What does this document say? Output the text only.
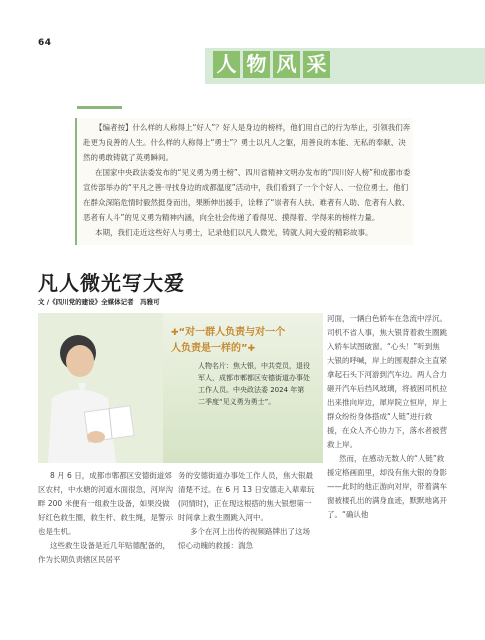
64
人 物 风 采

【编者按】什么样的人称得上“好人”？好人是身边的榜样，他们用自己的行为举止，引领我们奔赴更为良善的人生。什么样的人称得上“勇士”？勇士以凡人之躯，用善良的本能、无私的奉献、决然的勇敢铸就了英勇瞬间。

在国家中央政法委发布的“见义勇为勇士榜”、四川省精神文明办发布的“四川好人榜”和成都市委宣传部举办的“平凡之善·寻找身边的成都温度”活动中，我们看到了一个个好人、一位位勇士。他们在群众深陷危情时毅然挺身而出，果断伸出援手，诠释了“崇者有人扶、难者有人助、危者有人救、恶者有人斗”的见义勇为精神内涵，向全社会传递了看得见、摸得着、学得来的榜样力量。

本期，我们走近这些好人与勇士，记录他们以凡人微光，铸就人间大爱的精彩故事。

凡人微光写大爱
文 /《四川党的建设》全媒体记者　冯雅可
✚“对一群人负责与对一个
人负责是一样的”✚
人物名片：焦大银，中共党员，退役军人，成都市郫都区安德街道办事处工作人员。中央政法委 2024 年第二季度“见义勇为勇士”。

8 月 6 日，成都市郫都区安德街道郊区农村，中水塘的河道水面很急，河岸沟畔 200 米便有一组救生设备，如果没做好红色救生圈，救生杆、救生绳，是警示也是生机。

这些救生设备是近几年贴德配备的，作为长期负责辖区民居平

务的安德街道办事处工作人员，焦大银最清楚不过。在 6 月 13 日安德走入辈辈玩(同情时)，正在现这根搭的焦大银想第一时间拿上救生圈跳入河中。

多个在河上出传的视频路牌出了这场惊心动魄的救援：湍急

河面，一辆白色轿车在急流中浮沉。司机不省人事，焦大银背着救生圈跳入轿车试图破窗。“心头！”听到焦大银的呼喊，岸上的围观群众主直紧拿起石头下河游到汽车边。两人合力砸开汽车后挡风玻璃，将被困司机拉出来推向岸边，犀岸院立恒岸，岸上群众纷纷身体搭成“人链”进行救援，在众人齐心协力下，落水者被营救上岸。

然而，在感动无数人的“人链”救援定格画面里，却没有焦大银的身影——此时的他正游向对岸，带着满车窗被楼孔出的满身血迹，默默地离开了。“确认他
